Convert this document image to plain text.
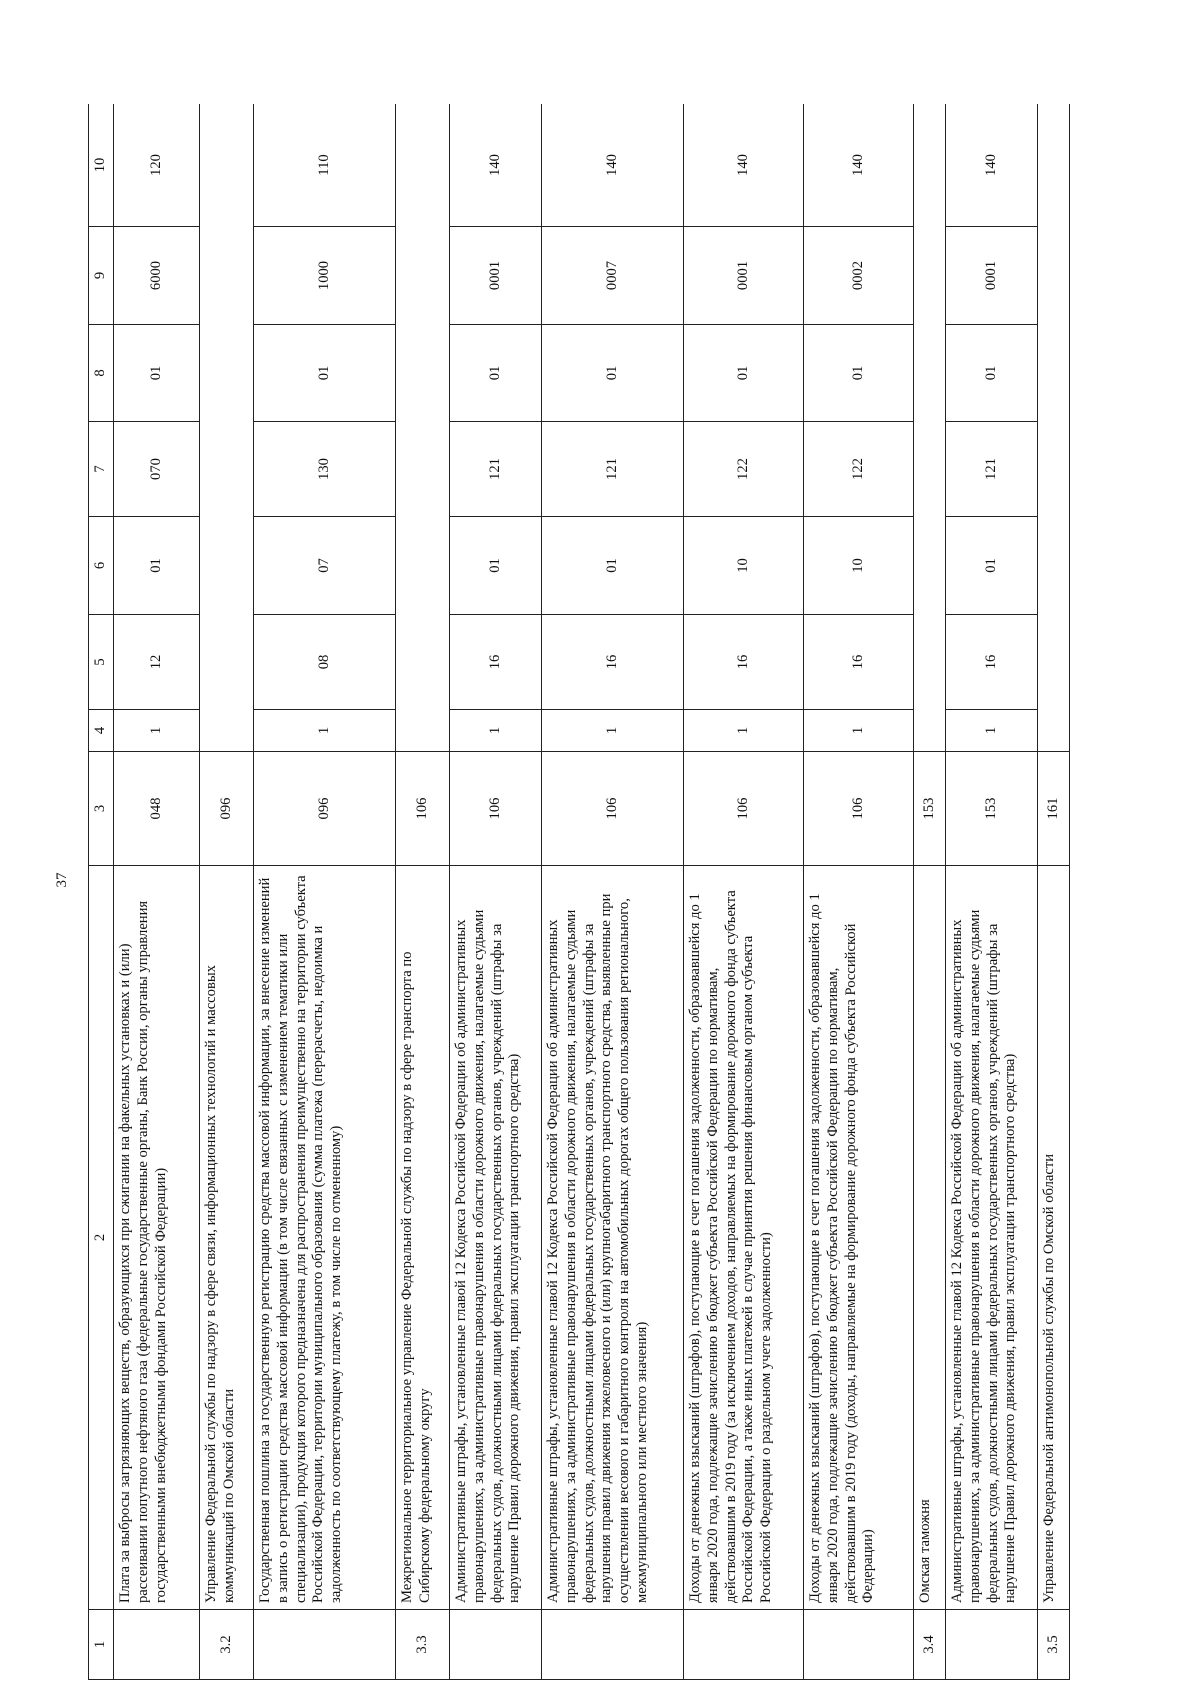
37
1	2	3	4	5	6	7	8	9	10
	Плата за выбросы загрязняющих веществ, образующихся при сжигании на факельных установках и (или) рассеивании попутного нефтяного газа (федеральные государственные органы, Банк России, органы управления государственными внебюджетными фондами Российской Федерации)	048	1	12	01	070	01	6000	120
3.2	Управление Федеральной службы по надзору в сфере связи, информационных технологий и массовых коммуникаций по Омской области	096							
	Государственная пошлина за государственную регистрацию средства массовой информации, за внесение изменений в запись о регистрации средства массовой информации (в том числе связанных с изменением тематики или специализации), продукция которого предназначена для распространения преимущественно на территории субъекта Российской Федерации, территории муниципального образования (сумма платежа (перерасчеты, недоимка и задолженность по соответствующему платежу, в том числе по отмененному)	096	1	08	07	130	01	1000	110
3.3	Межрегиональное территориальное управление Федеральной службы по надзору в сфере транспорта по Сибирскому федеральному округу	106							
	Административные штрафы, установленные главой 12 Кодекса Российской Федерации об административных правонарушениях, за административные правонарушения в области дорожного движения, налагаемые судьями федеральных судов, должностными лицами федеральных государственных органов, учреждений (штрафы за нарушение Правил дорожного движения, правил эксплуатации транспортного средства)	106	1	16	01	121	01	0001	140
	Административные штрафы, установленные главой 12 Кодекса Российской Федерации об административных правонарушениях, за административные правонарушения в области дорожного движения, налагаемые судьями федеральных судов, должностными лицами федеральных государственных органов, учреждений (штрафы за нарушения правил движения тяжеловесного и (или) крупногабаритного транспортного средства, выявленные при осуществлении весового и габаритного контроля на автомобильных дорогах общего пользования регионального, межмуниципального или местного значения)	106	1	16	01	121	01	0007	140
	Доходы от денежных взысканий (штрафов), поступающие в счет погашения задолженности, образовавшейся до 1 января 2020 года, подлежащие зачислению в бюджет субъекта Российской Федерации по нормативам, действовавшим в 2019 году (за исключением доходов, направляемых на формирование дорожного фонда субъекта Российской Федерации, а также иных платежей в случае принятия решения финансовым органом субъекта Российской Федерации о раздельном учете задолженности)	106	1	16	10	122	01	0001	140
	Доходы от денежных взысканий (штрафов), поступающие в счет погашения задолженности, образовавшейся до 1 января 2020 года, подлежащие зачислению в бюджет субъекта Российской Федерации по нормативам, действовавшим в 2019 году (доходы, направляемые на формирование дорожного фонда субъекта Российской Федерации)	106	1	16	10	122	01	0002	140
3.4	Омская таможня	153							
	Административные штрафы, установленные главой 12 Кодекса Российской Федерации об административных правонарушениях, за административные правонарушения в области дорожного движения, налагаемые судьями федеральных судов, должностными лицами федеральных государственных органов, учреждений (штрафы за нарушение Правил дорожного движения, правил эксплуатации транспортного средства)	153	1	16	01	121	01	0001	140
3.5	Управление Федеральной антимонопольной службы по Омской области	161							
